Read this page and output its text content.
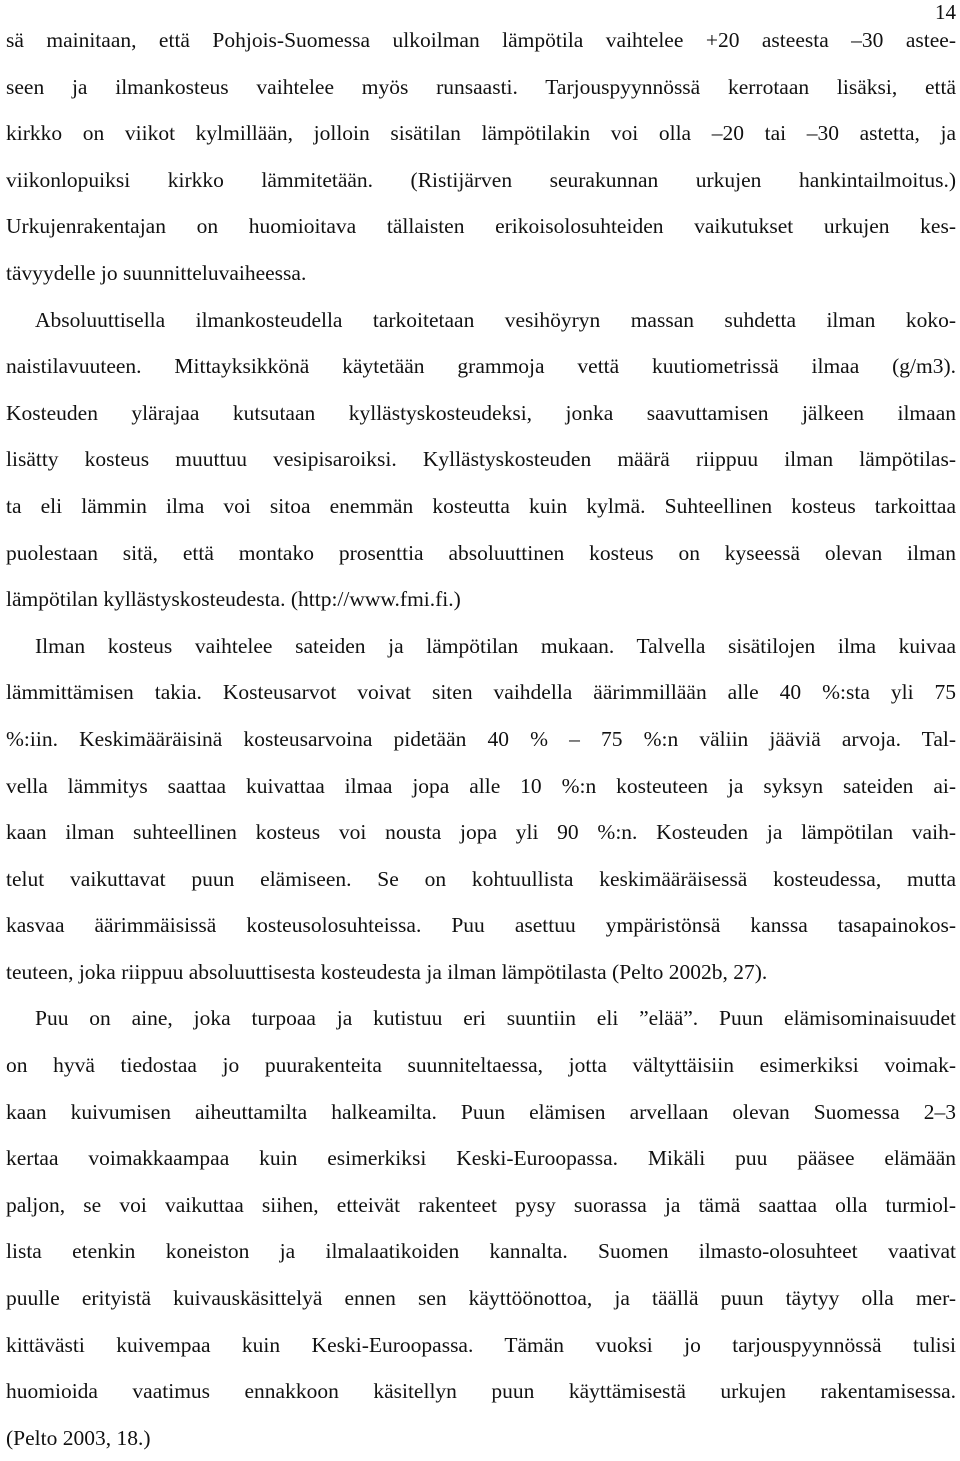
14
sä mainitaan, että Pohjois-Suomessa ulkoilman lämpötila vaihtelee +20 asteesta –30 astee-
seen ja ilmankosteus vaihtelee myös runsaasti. Tarjouspyynnössä kerrotaan lisäksi, että
kirkko on viikot kylmillään, jolloin sisätilan lämpötilakin voi olla –20 tai –30 astetta, ja
viikonlopuiksi kirkko lämmitetään. (Ristijärven seurakunnan urkujen hankintailmoitus.)
Urkujenrakentajan on huomioitava tällaisten erikoisolosuhteiden vaikutukset urkujen kes-
tävyydelle jo suunnitteluvaiheessa.
Absoluuttisella ilmankosteudella tarkoitetaan vesihöyryn massan suhdetta ilman koko-
naistilavuuteen. Mittayksikkönä käytetään grammoja vettä kuutiometrissä ilmaa (g/m3).
Kosteuden ylärajaa kutsutaan kyllästyskosteudeksi, jonka saavuttamisen jälkeen ilmaan
lisätty kosteus muuttuu vesipisaroiksi. Kyllästyskosteuden määrä riippuu ilman lämpötilas-
ta eli lämmin ilma voi sitoa enemmän kosteutta kuin kylmä. Suhteellinen kosteus tarkoittaa
puolestaan sitä, että montako prosenttia absoluuttinen kosteus on kyseessä olevan ilman
lämpötilan kyllästyskosteudesta. (http://www.fmi.fi.)
Ilman kosteus vaihtelee sateiden ja lämpötilan mukaan. Talvella sisätilojen ilma kuivaa
lämmittämisen takia. Kosteusarvot voivat siten vaihdella äärimmillään alle 40 %:sta yli 75
%:iin. Keskimääräisinä kosteusarvoina pidetään 40 % – 75 %:n väliin jääviä arvoja. Tal-
vella lämmitys saattaa kuivattaa ilmaa jopa alle 10 %:n kosteuteen ja syksyn sateiden ai-
kaan ilman suhteellinen kosteus voi nousta jopa yli 90 %:n. Kosteuden ja lämpötilan vaih-
telut vaikuttavat puun elämiseen. Se on kohtuullista keskimääräisessä kosteudessa, mutta
kasvaa äärimmäisissä kosteusolosuhteissa. Puu asettuu ympäristönsä kanssa tasapainokos-
teuteen, joka riippuu absoluuttisesta kosteudesta ja ilman lämpötilasta (Pelto 2002b, 27).
Puu on aine, joka turpoaa ja kutistuu eri suuntiin eli ”elää”. Puun elämisominaisuudet
on hyvä tiedostaa jo puurakenteita suunniteltaessa, jotta vältyttäisiin esimerkiksi voimak-
kaan kuivumisen aiheuttamilta halkeamilta. Puun elämisen arvellaan olevan Suomessa 2–3
kertaa voimakkaampaa kuin esimerkiksi Keski-Euroopassa. Mikäli puu pääsee elämään
paljon, se voi vaikuttaa siihen, etteivät rakenteet pysy suorassa ja tämä saattaa olla turmiol-
lista etenkin koneiston ja ilmalaatikoiden kannalta. Suomen ilmasto-olosuhteet vaativat
puulle erityistä kuivauskäsittelyä ennen sen käyttöönottoa, ja täällä puun täytyy olla mer-
kittävästi kuivempaa kuin Keski-Euroopassa. Tämän vuoksi jo tarjouspyynnössä tulisi
huomioida vaatimus ennakkoon käsitellyn puun käyttämisestä urkujen rakentamisessa.
(Pelto 2003, 18.)
